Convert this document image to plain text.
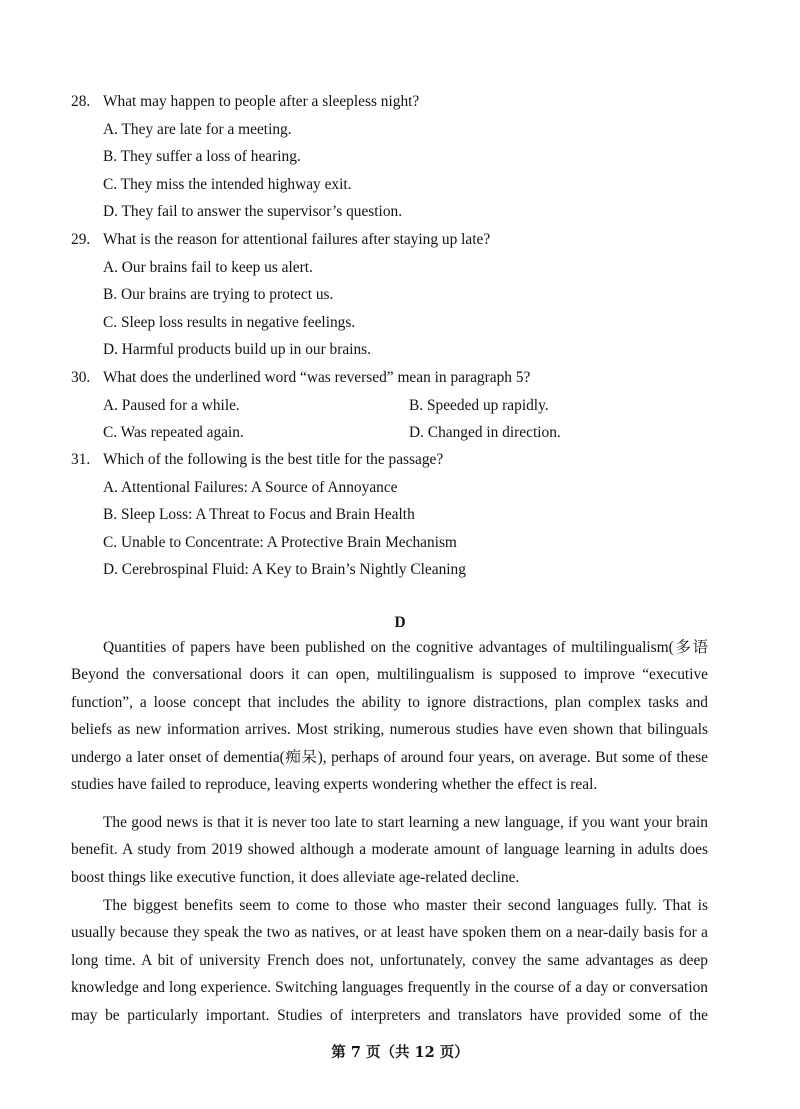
28. What may happen to people after a sleepless night?
A. They are late for a meeting.
B. They suffer a loss of hearing.
C. They miss the intended highway exit.
D. They fail to answer the supervisor’s question.
29. What is the reason for attentional failures after staying up late?
A. Our brains fail to keep us alert.
B. Our brains are trying to protect us.
C. Sleep loss results in negative feelings.
D. Harmful products build up in our brains.
30. What does the underlined word “was reversed” mean in paragraph 5?
A. Paused for a while.	B. Speeded up rapidly.
C. Was repeated again.	D. Changed in direction.
31. Which of the following is the best title for the passage?
A. Attentional Failures: A Source of Annoyance
B. Sleep Loss: A Threat to Focus and Brain Health
C. Unable to Concentrate: A Protective Brain Mechanism
D. Cerebrospinal Fluid: A Key to Brain’s Nightly Cleaning
D
Quantities of papers have been published on the cognitive advantages of multilingualism(多语
Beyond the conversational doors it can open, multilingualism is supposed to improve “executive
function”, a loose concept that includes the ability to ignore distractions, plan complex tasks and
beliefs as new information arrives. Most striking, numerous studies have even shown that bilinguals
undergo a later onset of dementia(痴呆), perhaps of around four years, on average. But some of these
studies have failed to reproduce, leaving experts wondering whether the effect is real.
The good news is that it is never too late to start learning a new language, if you want your brain
benefit. A study from 2019 showed although a moderate amount of language learning in adults does
boost things like executive function, it does alleviate age-related decline.
The biggest benefits seem to come to those who master their second languages fully. That is
usually because they speak the two as natives, or at least have spoken them on a near-daily basis for a
long time. A bit of university French does not, unfortunately, convey the same advantages as deep
knowledge and long experience. Switching languages frequently in the course of a day or conversation
may be particularly important. Studies of interpreters and translators have provided some of the
第 7 页（共 12 页）
